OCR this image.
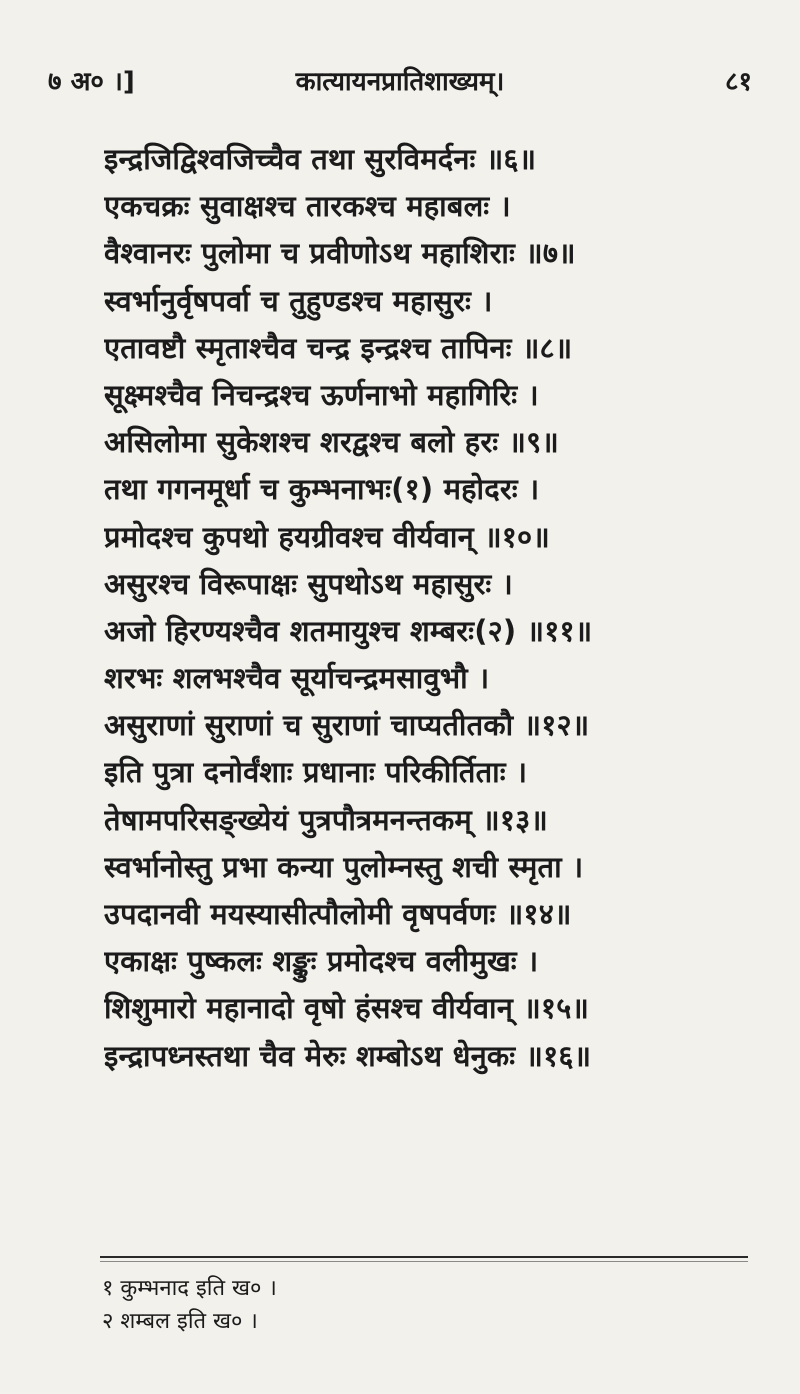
कात्यायनप्रातिशाख्यम्।
७ अ० ।]	८१
इन्द्रजिद्विश्वजिच्चैव तथा सुरविमर्दनः ॥६॥
एकचक्रः सुवाक्षश्च तारकश्च महाबलः ।
वैश्वानरः पुलोमा च प्रवीणोऽथ महाशिराः ॥७॥
स्वर्भानुर्वृषपर्वा च तुहुण्डश्च महासुरः ।
एतावष्टौ स्मृताश्चैव चन्द्र इन्द्रश्च तापिनः ॥८॥
सूक्ष्मश्चैव निचन्द्रश्च ऊर्णनाभो महागिरिः ।
असिलोमा सुकेशश्च शरद्वश्च बलो हरः ॥९॥
तथा गगनमूर्धा च कुम्भनाभः(१) महोदरः ।
प्रमोदश्च कुपथो हयग्रीवश्च वीर्यवान् ॥१०॥
असुरश्च विरूपाक्षः सुपथोऽथ महासुरः ।
अजो हिरण्यश्चैव शतमायुश्च शम्बरः(२) ॥११॥
शरभः शलभश्चैव सूर्याचन्द्रमसावुभौ ।
असुराणां सुराणां च सुराणां चाप्यतीतकौ ॥१२॥
इति पुत्रा दनोर्वंशाः प्रधानाः परिकीर्तिताः ।
तेषामपरिसङ्ख्येयं पुत्रपौत्रमनन्तकम् ॥१३॥
स्वर्भानोस्तु प्रभा कन्या पुलोम्नस्तु शची स्मृता ।
उपदानवी मयस्यासीत्पौलोमी वृषपर्वणः ॥१४॥
एकाक्षः पुष्कलः शङ्कुः प्रमोदश्च वलीमुखः ।
शिशुमारो महानादो वृषो हंसश्च वीर्यवान् ॥१५॥
इन्द्रापध्नस्तथा चैव मेरुः शम्बोऽथ धेनुकः ॥१६॥
१ कुम्भनाद इति ख० ।
२ शम्बल इति ख० ।
